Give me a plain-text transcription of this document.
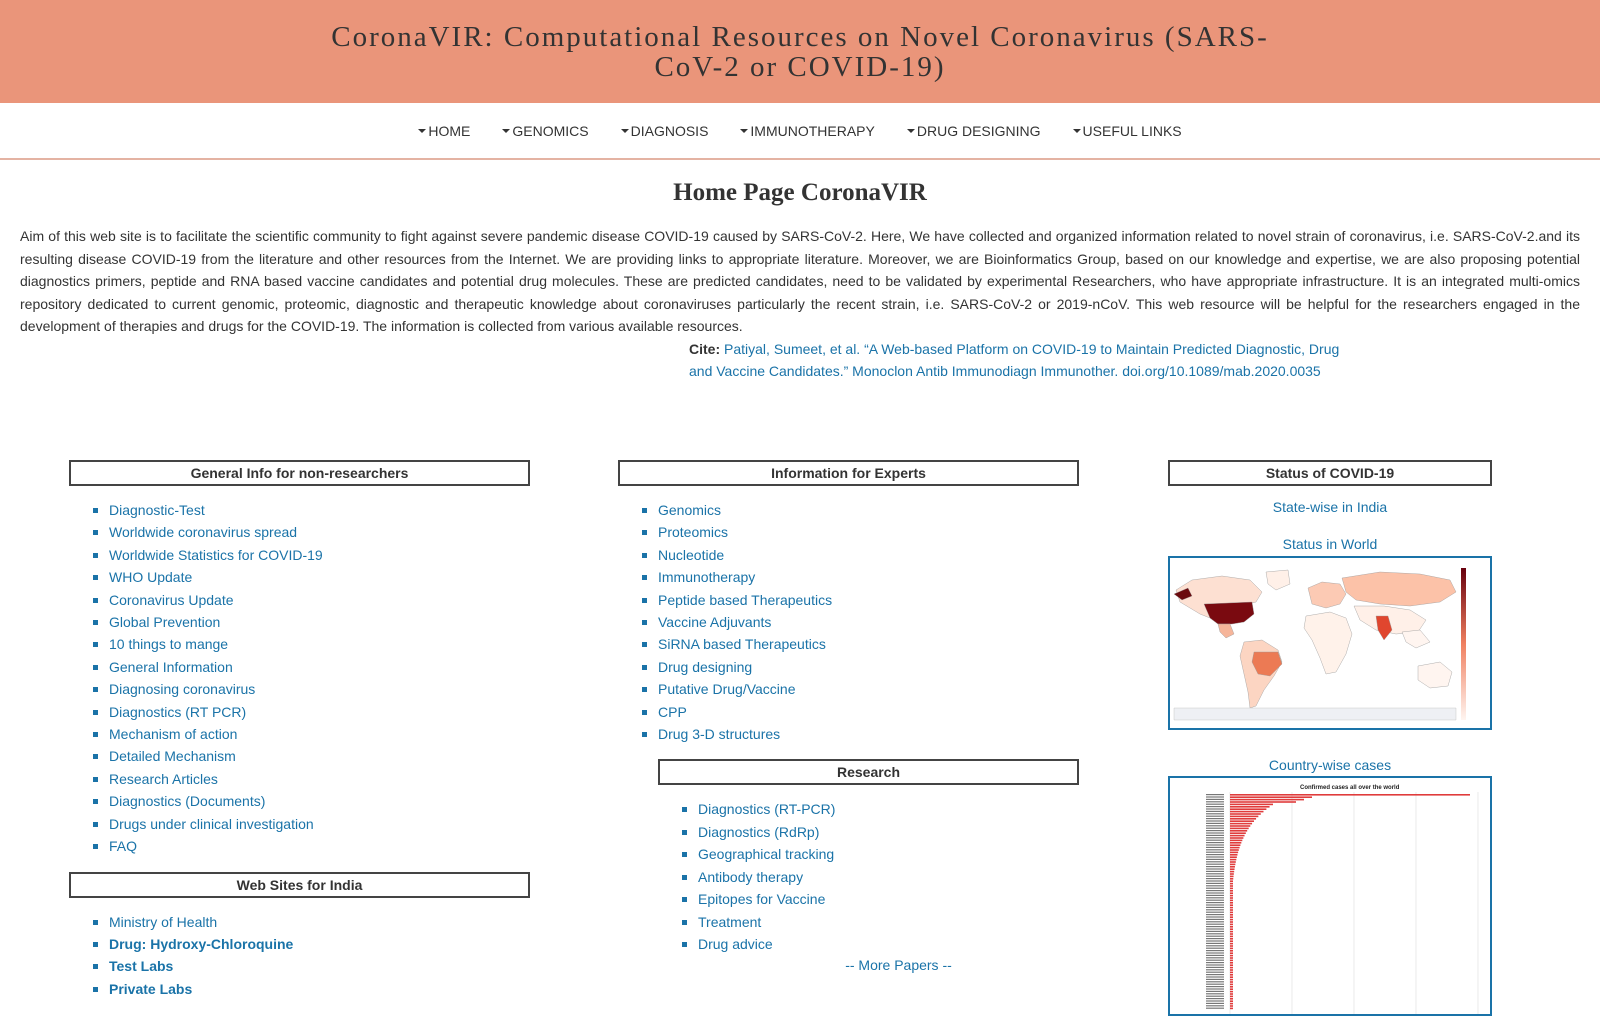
CoronaVIR: Computational Resources on Novel Coronavirus (SARS-CoV-2 or COVID-19)
HOME	GENOMICS	DIAGNOSIS	IMMUNOTHERAPY	DRUG DESIGNING	USEFUL LINKS
Home Page CoronaVIR

Aim of this web site is to facilitate the scientific community to fight against severe pandemic disease COVID-19 caused by SARS-CoV-2. Here, We have collected and organized information related to novel strain of coronavirus, i.e. SARS-CoV-2.and its resulting disease COVID-19 from the literature and other resources from the Internet. We are providing links to appropriate literature. Moreover, we are Bioinformatics Group, based on our knowledge and expertise, we are also proposing potential diagnostics primers, peptide and RNA based vaccine candidates and potential drug molecules. These are predicted candidates, need to be validated by experimental Researchers, who have appropriate infrastructure. It is an integrated multi-omics repository dedicated to current genomic, proteomic, diagnostic and therapeutic knowledge about coronaviruses particularly the recent strain, i.e. SARS-CoV-2 or 2019-nCoV. This web resource will be helpful for the researchers engaged in the development of therapies and drugs for the COVID-19. The information is collected from various available resources.

Cite: Patiyal, Sumeet, et al. “A Web-based Platform on COVID-19 to Maintain Predicted Diagnostic, Drug and Vaccine Candidates.” Monoclon Antib Immunodiagn Immunother. doi.org/10.1089/mab.2020.0035
General Info for non-researchers
Diagnostic-Test
Worldwide coronavirus spread
Worldwide Statistics for COVID-19
WHO Update
Coronavirus Update
Global Prevention
10 things to mange
General Information
Diagnosing coronavirus
Diagnostics (RT PCR)
Mechanism of action
Detailed Mechanism
Research Articles
Diagnostics (Documents)
Drugs under clinical investigation
FAQ
Web Sites for India
Ministry of Health
Drug: Hydroxy-Chloroquine
Test Labs
Private Labs
Information for Experts
Genomics
Proteomics
Nucleotide
Immunotherapy
Peptide based Therapeutics
Vaccine Adjuvants
SiRNA based Therapeutics
Drug designing
Putative Drug/Vaccine
CPP
Drug 3-D structures
Research
Diagnostics (RT-PCR)
Diagnostics (RdRp)
Geographical tracking
Antibody therapy
Epitopes for Vaccine
Treatment
Drug advice
-- More Papers --
Status of COVID-19
State-wise in India
Status in World
Country-wise cases
Confirmed cases all over the world
